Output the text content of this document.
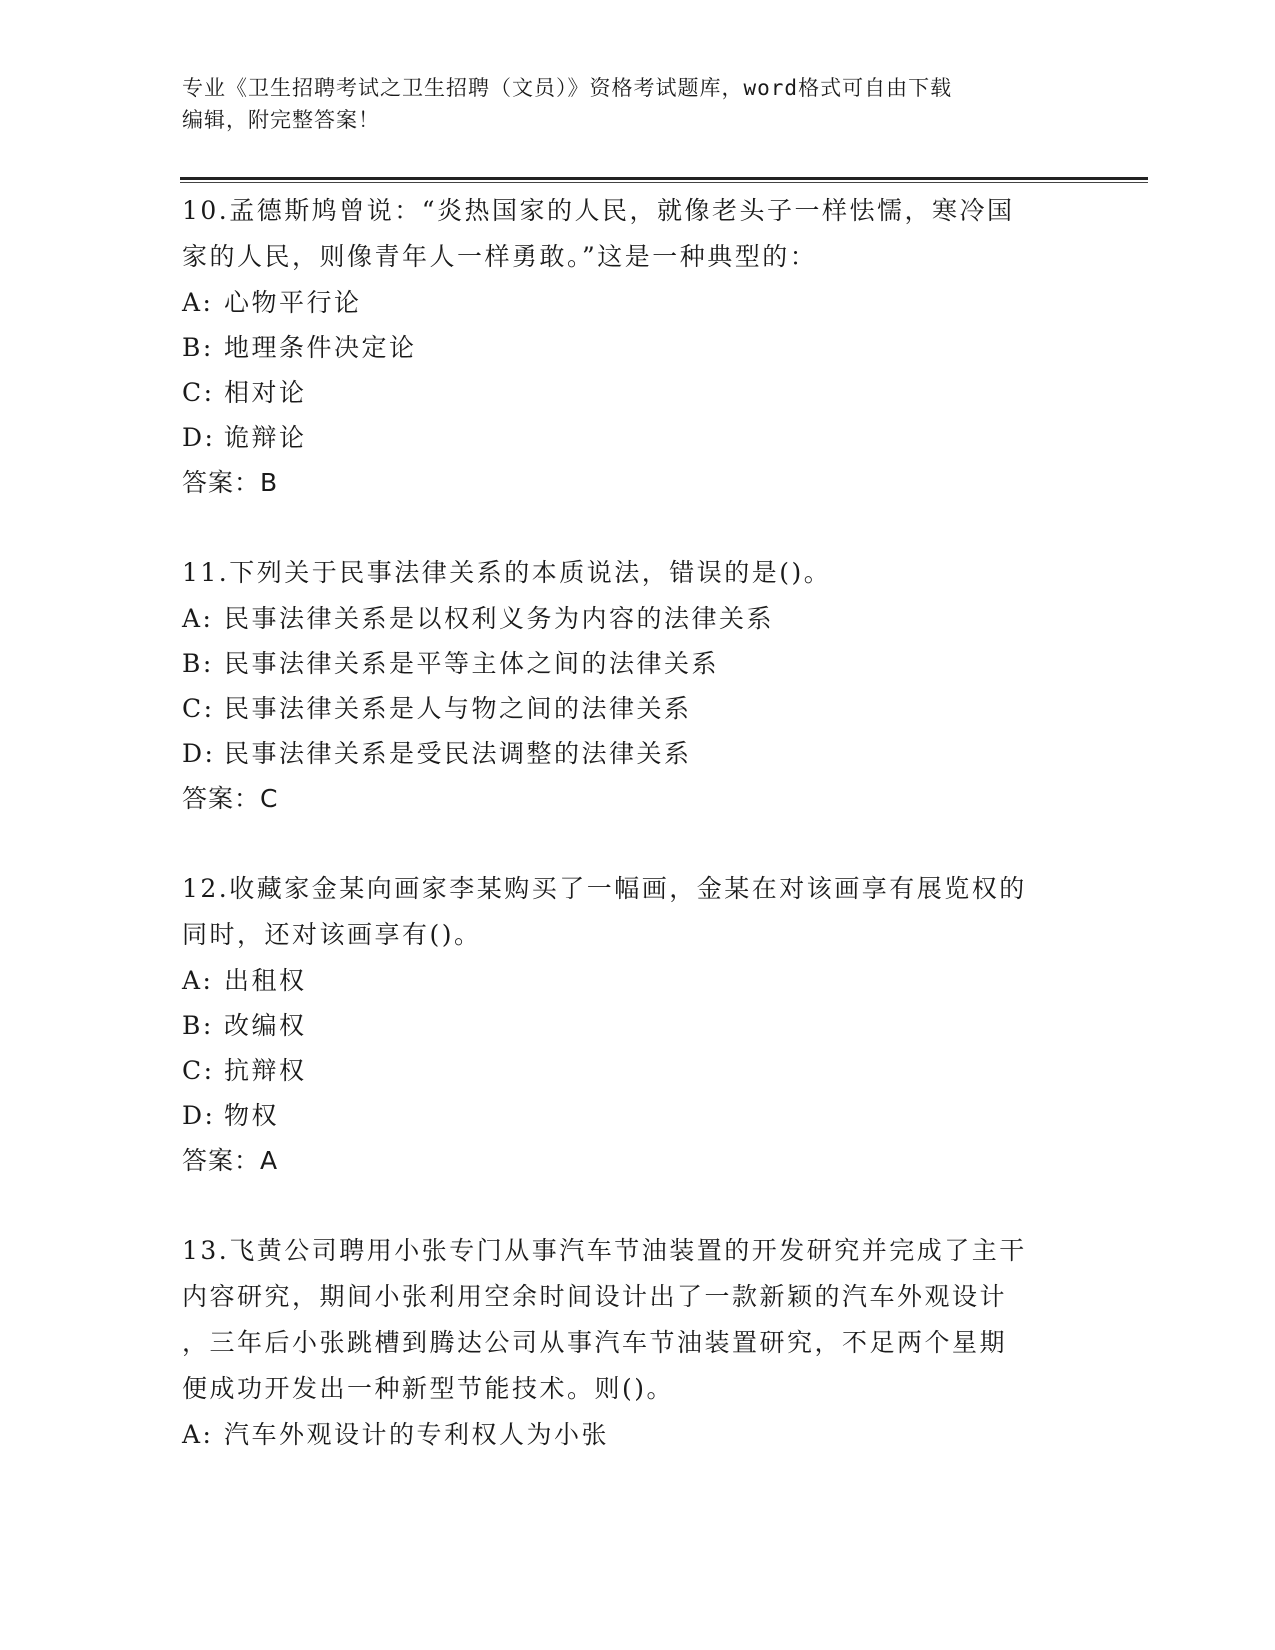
专业《卫生招聘考试之卫生招聘（文员）》资格考试题库，word格式可自由下载
编辑，附完整答案！

10.孟德斯鸠曾说：“炎热国家的人民，就像老头子一样怯懦，寒冷国

家的人民，则像青年人一样勇敢。”这是一种典型的：

A: 心物平行论

B: 地理条件决定论

C: 相对论

D: 诡辩论

答案：B

11.下列关于民事法律关系的本质说法，错误的是()。

A: 民事法律关系是以权利义务为内容的法律关系

B: 民事法律关系是平等主体之间的法律关系

C: 民事法律关系是人与物之间的法律关系

D: 民事法律关系是受民法调整的法律关系

答案：C

12.收藏家金某向画家李某购买了一幅画，金某在对该画享有展览权的

同时，还对该画享有()。

A: 出租权

B: 改编权

C: 抗辩权

D: 物权

答案：A

13.飞黄公司聘用小张专门从事汽车节油装置的开发研究并完成了主干

内容研究，期间小张利用空余时间设计出了一款新颖的汽车外观设计

，三年后小张跳槽到腾达公司从事汽车节油装置研究，不足两个星期

便成功开发出一种新型节能技术。则()。

A: 汽车外观设计的专利权人为小张
